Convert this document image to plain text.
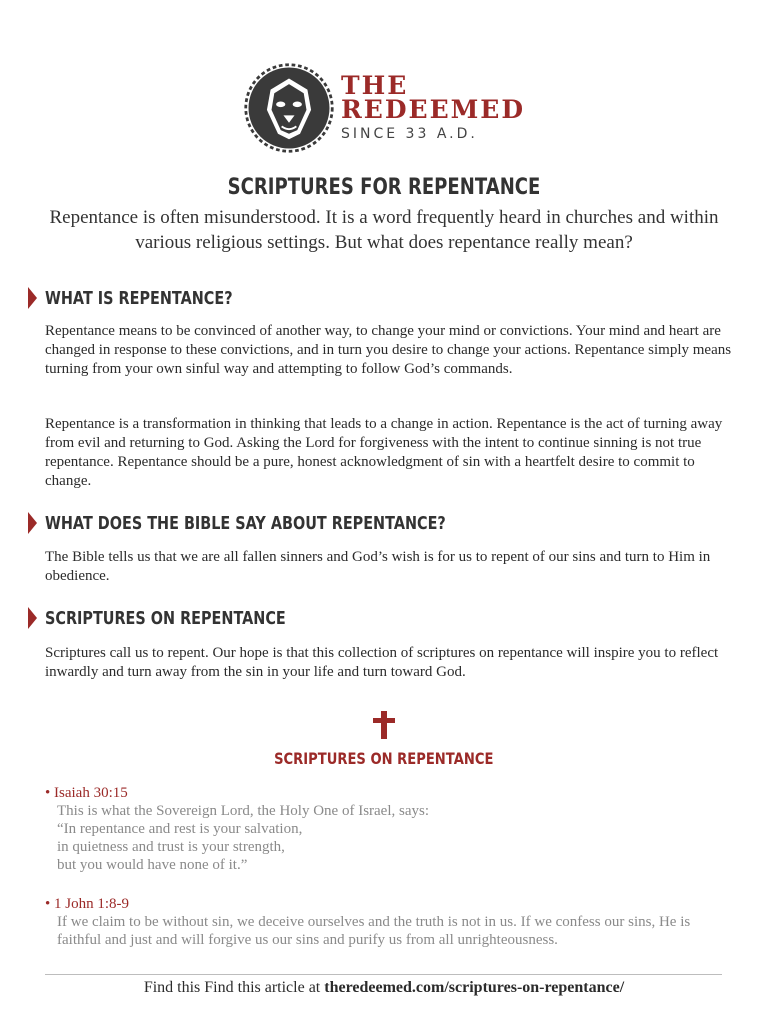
THE
REDEEMED
SINCE 33 A.D.
SCRIPTURES FOR REPENTANCE
Repentance is often misunderstood. It is a word frequently heard in churches and within various religious settings. But what does repentance really mean?
WHAT IS REPENTANCE?
Repentance means to be convinced of another way, to change your mind or convictions. Your mind and heart are changed in response to these convictions, and in turn you desire to change your actions. Repentance simply means turning from your own sinful way and attempting to follow God’s commands.
Repentance is a transformation in thinking that leads to a change in action. Repentance is the act of turning away from evil and returning to God. Asking the Lord for forgiveness with the intent to continue sinning is not true repentance. Repentance should be a pure, honest acknowledgment of sin with a heartfelt desire to commit to change.
WHAT DOES THE BIBLE SAY ABOUT REPENTANCE?
The Bible tells us that we are all fallen sinners and God’s wish is for us to repent of our sins and turn to Him in obedience.
SCRIPTURES ON REPENTANCE
Scriptures call us to repent. Our hope is that this collection of scriptures on repentance will inspire you to reflect inwardly and turn away from the sin in your life and turn toward God.
SCRIPTURES ON REPENTANCE
• Isaiah 30:15
This is what the Sovereign Lord, the Holy One of Israel, says:
“In repentance and rest is your salvation,
in quietness and trust is your strength,
but you would have none of it.”
• 1 John 1:8-9
If we claim to be without sin, we deceive ourselves and the truth is not in us. If we confess our sins, He is faithful and just and will forgive us our sins and purify us from all unrighteousness.
Find this Find this article at theredeemed.com/scriptures-on-repentance/
